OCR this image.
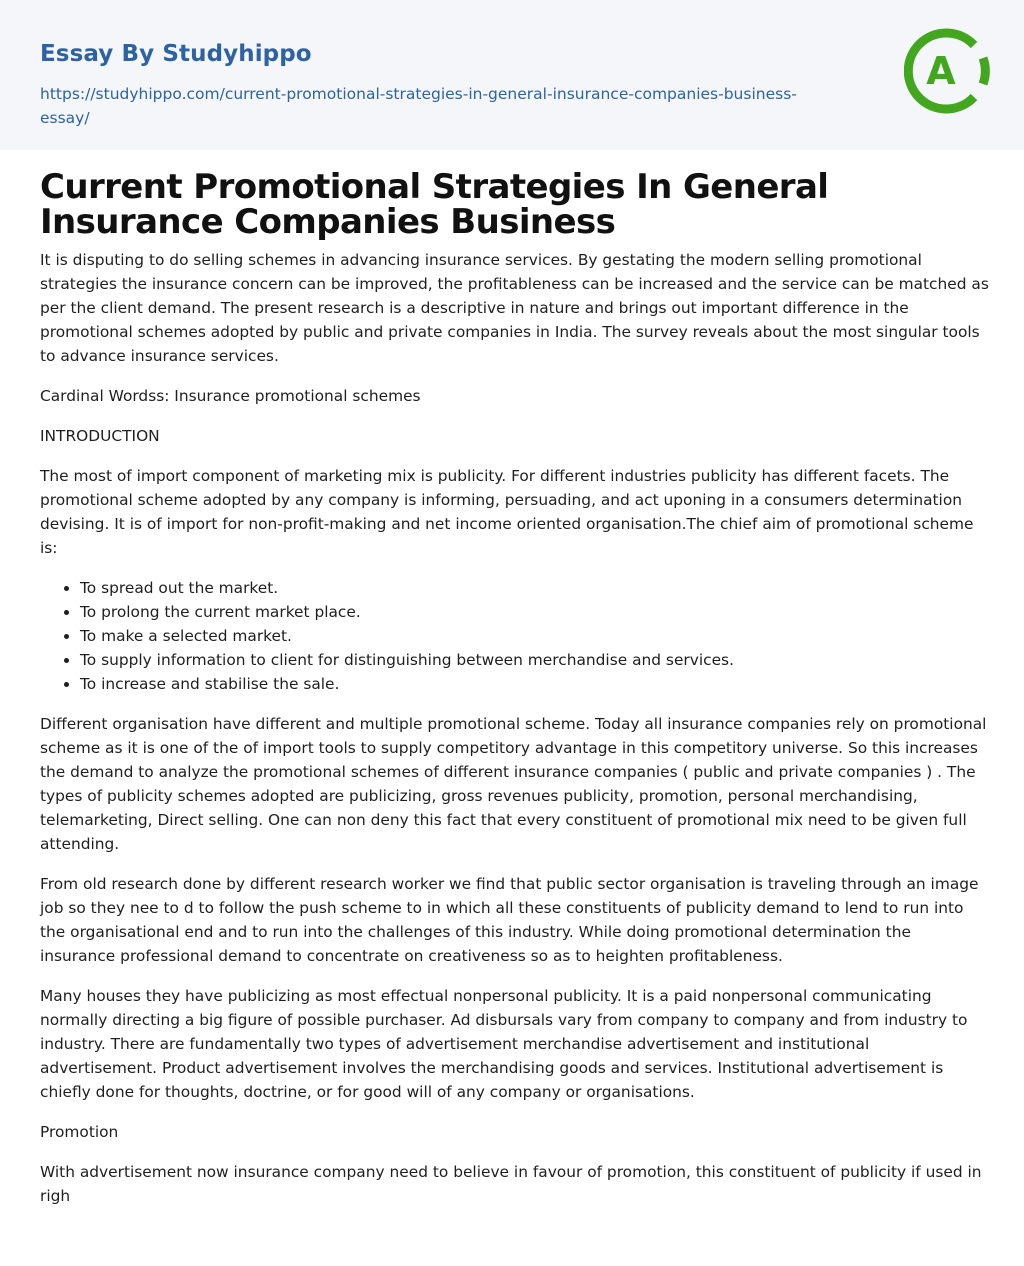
Essay By Studyhippo
https://studyhippo.com/current-promotional-strategies-in-general-insurance-companies-business-essay/
A
Current Promotional Strategies In General Insurance Companies Business

It is disputing to do selling schemes in advancing insurance services. By gestating the modern selling promotional strategies the insurance concern can be improved, the profitableness can be increased and the service can be matched as per the client demand. The present research is a descriptive in nature and brings out important difference in the promotional schemes adopted by public and private companies in India. The survey reveals about the most singular tools to advance insurance services.

Cardinal Wordss: Insurance promotional schemes

INTRODUCTION

The most of import component of marketing mix is publicity. For different industries publicity has different facets. The promotional scheme adopted by any company is informing, persuading, and act uponing in a consumers determination devising. It is of import for non-profit-making and net income oriented organisation.The chief aim of promotional scheme is:

• To spread out the market.
• To prolong the current market place.
• To make a selected market.
• To supply information to client for distinguishing between merchandise and services.
• To increase and stabilise the sale.

Different organisation have different and multiple promotional scheme. Today all insurance companies rely on promotional scheme as it is one of the of import tools to supply competitory advantage in this competitory universe. So this increases the demand to analyze the promotional schemes of different insurance companies ( public and private companies ) . The types of publicity schemes adopted are publicizing, gross revenues publicity, promotion, personal merchandising, telemarketing, Direct selling. One can non deny this fact that every constituent of promotional mix need to be given full attending.

From old research done by different research worker we find that public sector organisation is traveling through an image job so they nee to d to follow the push scheme to in which all these constituents of publicity demand to lend to run into the organisational end and to run into the challenges of this industry. While doing promotional determination the insurance professional demand to concentrate on creativeness so as to heighten profitableness.

Many houses they have publicizing as most effectual nonpersonal publicity. It is a paid nonpersonal communicating normally directing a big figure of possible purchaser. Ad disbursals vary from company to company and from industry to industry. There are fundamentally two types of advertisement merchandise advertisement and institutional advertisement. Product advertisement involves the merchandising goods and services. Institutional advertisement is chiefly done for thoughts, doctrine, or for good will of any company or organisations.

Promotion

With advertisement now insurance company need to believe in favour of promotion, this constituent of publicity if used in righ
